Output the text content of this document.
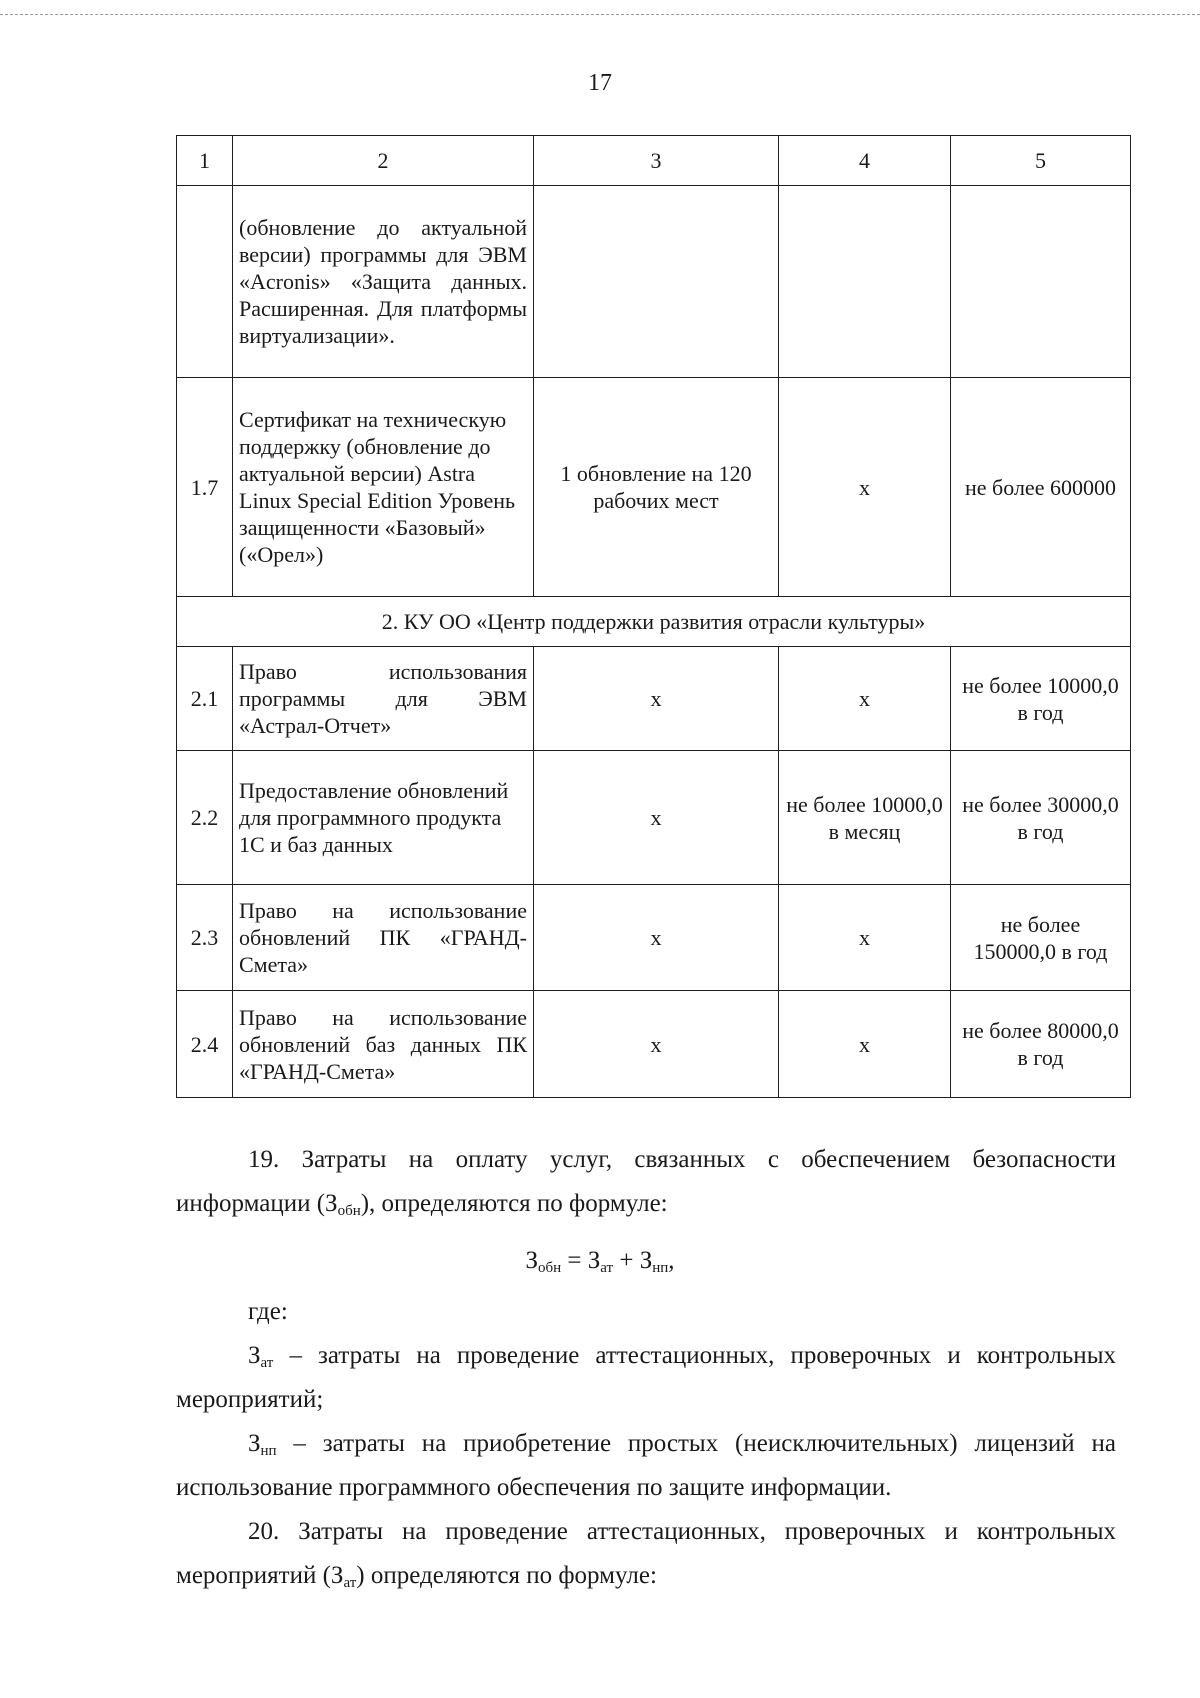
17
1	2	3	4	5
	(обновление до актуальной версии) программы для ЭВМ «Acronis» «Защита данных. Расширенная. Для платформы виртуализации».			
1.7	Сертификат на техническую поддержку (обновление до актуальной версии) Astra Linux Special Edition Уровень защищенности «Базовый» («Орел»)	1 обновление на 120 рабочих мест	х	не более 600000
2. КУ ОО «Центр поддержки развития отрасли культуры»				
2.1	Право использования программы для ЭВМ «Астрал-Отчет»	х	х	не более 10000,0 в год
2.2	Предоставление обновлений для программного продукта 1С и баз данных	х	не более 10000,0 в месяц	не более 30000,0 в год
2.3	Право на использование обновлений ПК «ГРАНД-Смета»	х	х	не более 150000,0 в год
2.4	Право на использование обновлений баз данных ПК «ГРАНД-Смета»	х	х	не более 80000,0 в год
19. Затраты на оплату услуг, связанных с обеспечением безопасности информации $(З_{обн})$, определяются по формуле:
$З_{обн} = З_{ат} + З_{нп}$,
где:
$З_{ат}$ – затраты на проведение аттестационных, проверочных и контрольных мероприятий;
$З_{нп}$ – затраты на приобретение простых (неисключительных) лицензий на использование программного обеспечения по защите информации.
20. Затраты на проведение аттестационных, проверочных и контрольных мероприятий $(З_{ат})$ определяются по формуле:
